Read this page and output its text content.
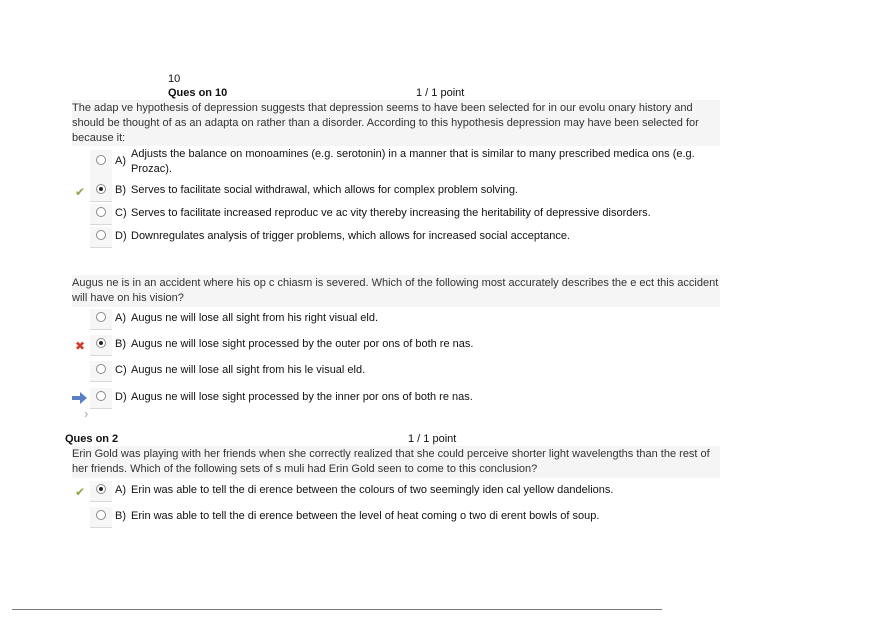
10
Ques on 10	1 / 1 point
The adap ve hypothesis of depression suggests that depression seems to have been selected for in our evolu onary history and should be thought of as an adapta on rather than a disorder. According to this hypothesis depression may have been selected for because it:
A)
Adjusts the balance on monoamines (e.g. serotonin) in a manner that is similar to many prescribed medica ons (e.g.
Prozac).
✔	B) Serves to facilitate social withdrawal, which allows for complex problem solving.
C) Serves to facilitate increased reproduc ve ac vity thereby increasing the heritability of depressive disorders.
D) Downregulates analysis of trigger problems, which allows for increased social acceptance.
Augus ne is in an accident where his op c chiasm is severed. Which of the following most accurately describes the e ect this accident will have on his vision?
A) Augus ne will lose all sight from his right visual eld.
✖	B) Augus ne will lose sight processed by the outer por ons of both re nas.
C) Augus ne will lose all sight from his le visual eld.
D) Augus ne will lose sight processed by the inner por ons of both re nas.
›
Ques on 2	1 / 1 point
Erin Gold was playing with her friends when she correctly realized that she could perceive shorter light wavelengths than the rest of her friends. Which of the following sets of s muli had Erin Gold seen to come to this conclusion?
✔	A) Erin was able to tell the di erence between the colours of two seemingly iden cal yellow dandelions.
B) Erin was able to tell the di erence between the level of heat coming o two di erent bowls of soup.
